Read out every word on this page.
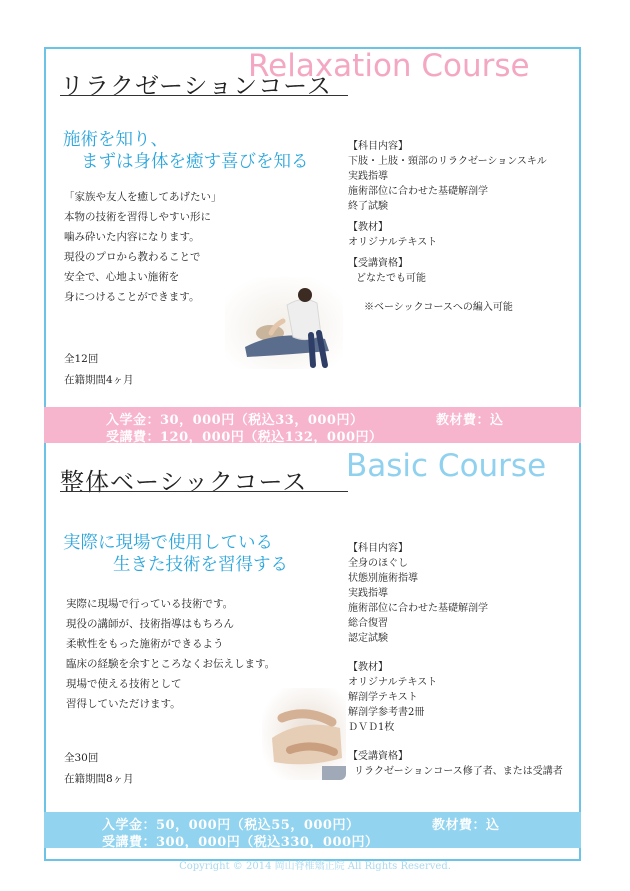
リラクゼーションコース
Relaxation Course
施術を知り、
まずは身体を癒す喜びを知る
「家族や友人を癒してあげたい」
本物の技術を習得しやすい形に
噛み砕いた内容になります。
現役のプロから教わることで
安全で、心地よい施術を
身につけることができます。
全12回
在籍期間4ヶ月
【科目内容】
下肢・上肢・頸部のリラクゼーションスキル
実践指導
施術部位に合わせた基礎解剖学
終了試験
【教材】
オリジナルテキスト
【受講資格】
どなたでも可能
※ベーシックコースへの編入可能
入学金：30，000円（税込33，000円）	教材費：込
受講費：120，000円（税込132，000円）
整体ベーシックコース Basic Course
実際に現場で使用している
生きた技術を習得する
実際に現場で行っている技術です。
現役の講師が、技術指導はもちろん
柔軟性をもった施術ができるよう
臨床の経験を余すところなくお伝えします。
現場で使える技術として
習得していただけます。
全30回
在籍期間8ヶ月
【科目内容】
全身のほぐし
状態別施術指導
実践指導
施術部位に合わせた基礎解剖学
総合復習
認定試験
【教材】
オリジナルテキスト
解剖学テキスト
解剖学参考書2冊
ＤＶＤ1枚
【受講資格】
リラクゼーションコース修了者、または受講者
入学金：50，000円（税込55，000円）	教材費：込
受講費：300，000円（税込330，000円）
Copyright © 2014 岡山脊椎矯正院 All Rights Reserved.
